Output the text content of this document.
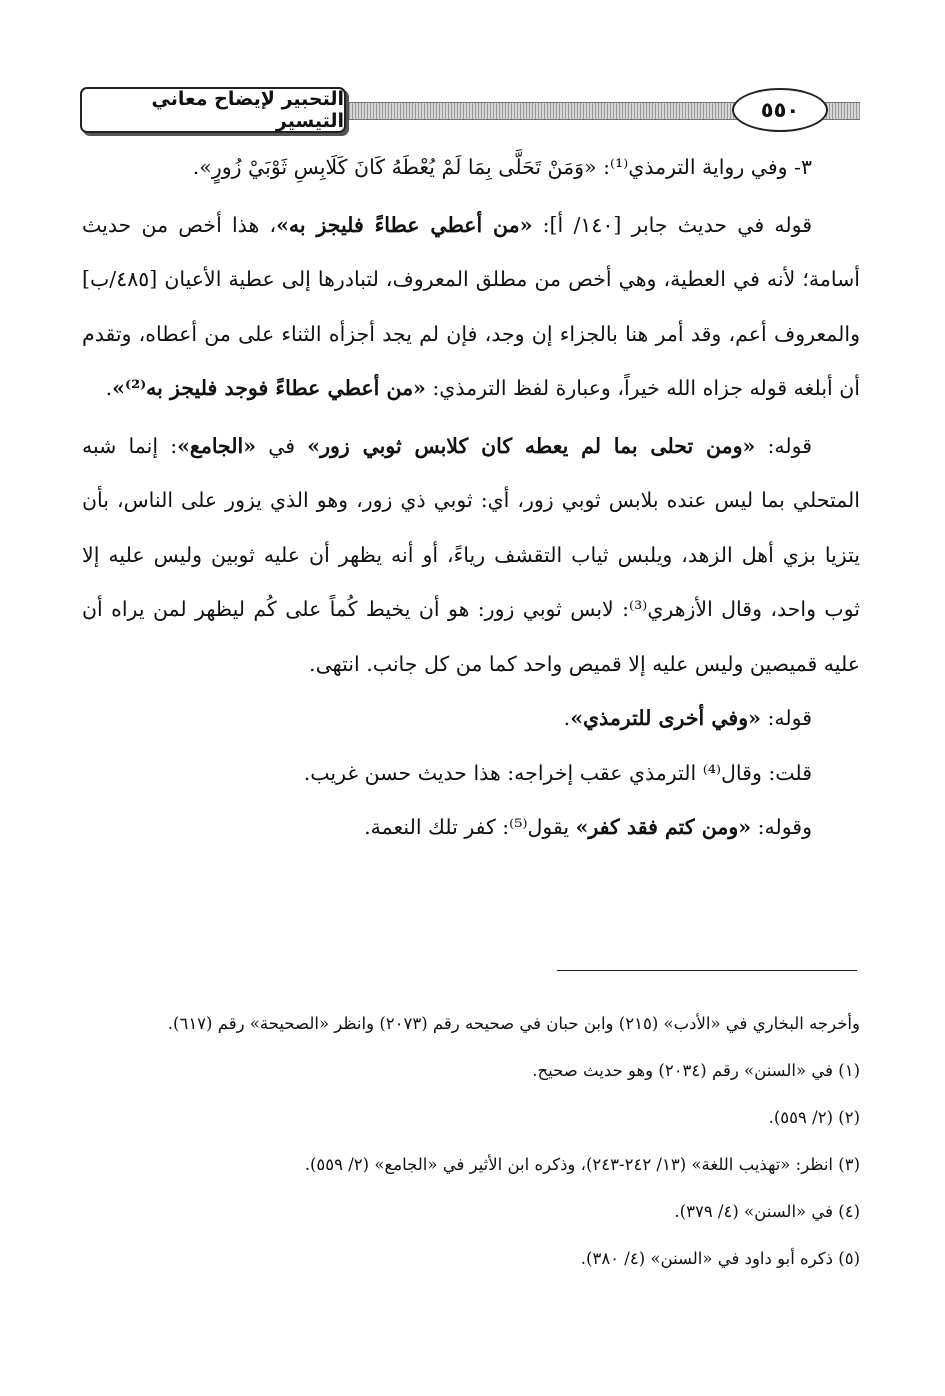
التحبير لإيضاح معاني التيسير	٥٥٠

٣- وفي رواية الترمذي⁽¹⁾: «وَمَنْ تَحَلَّى بِمَا لَمْ يُعْطَهُ كَانَ كَلَابِسِ ثَوْبَيْ زُورٍ».

قوله في حديث جابر [١٤٠/ أ]: «من أعطي عطاءً فليجز به»، هذا أخص من حديث أسامة؛ لأنه في العطية، وهي أخص من مطلق المعروف، لتبادرها إلى عطية الأعيان [٤٨٥/ب] والمعروف أعم، وقد أمر هنا بالجزاء إن وجد، فإن لم يجد أجزأه الثناء على من أعطاه، وتقدم أن أبلغه قوله جزاه الله خيراً، وعبارة لفظ الترمذي: «من أعطي عطاءً فوجد فليجز به⁽²⁾».

قوله: «ومن تحلى بما لم يعطه كان كلابس ثوبي زور» في «الجامع»: إنما شبه المتحلي بما ليس عنده بلابس ثوبي زور، أي: ثوبي ذي زور، وهو الذي يزور على الناس، بأن يتزيا بزي أهل الزهد، ويلبس ثياب التقشف رياءً، أو أنه يظهر أن عليه ثوبين وليس عليه إلا ثوب واحد، وقال الأزهري⁽³⁾: لابس ثوبي زور: هو أن يخيط كُماً على كُم ليظهر لمن يراه أن عليه قميصين وليس عليه إلا قميص واحد كما من كل جانب. انتهى.

قوله: «وفي أخرى للترمذي».

قلت: وقال⁽⁴⁾ الترمذي عقب إخراجه: هذا حديث حسن غريب.

وقوله: «ومن كتم فقد كفر» يقول⁽⁵⁾: كفر تلك النعمة.

وأخرجه البخاري في «الأدب» (٢١٥) وابن حبان في صحيحه رقم (٢٠٧٣) وانظر «الصحيحة» رقم (٦١٧).

(١) في «السنن» رقم (٢٠٣٤) وهو حديث صحيح.

(٢) (٢/ ٥٥٩).

(٣) انظر: «تهذيب اللغة» (١٣/ ٢٤٢-٢٤٣)، وذكره ابن الأثير في «الجامع» (٢/ ٥٥٩).

(٤) في «السنن» (٤/ ٣٧٩).

(٥) ذكره أبو داود في «السنن» (٤/ ٣٨٠).
